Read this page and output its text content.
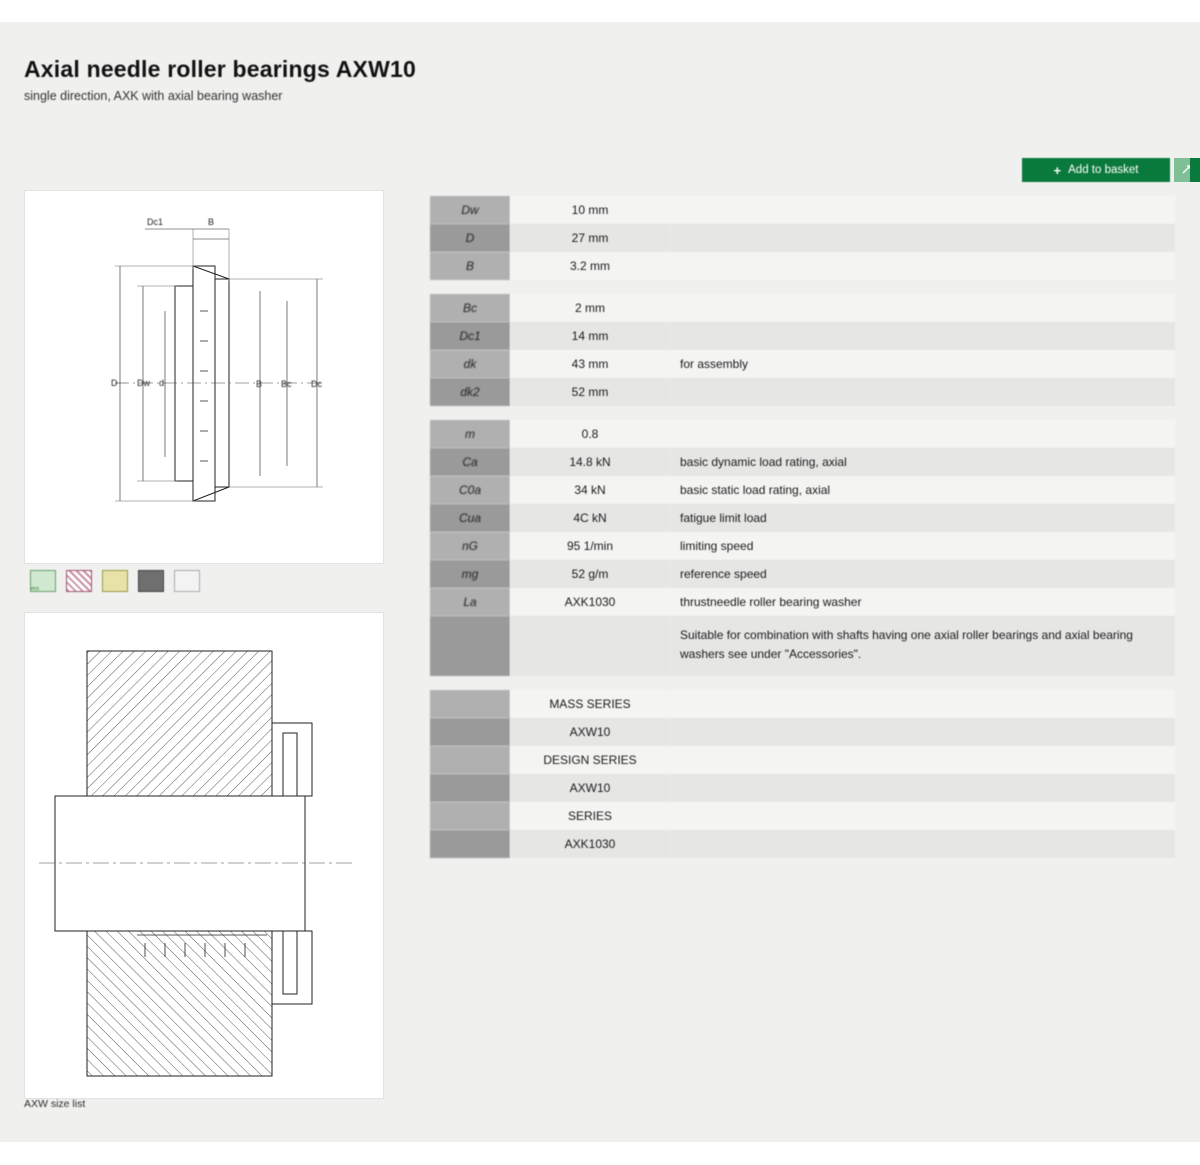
Axial needle roller bearings AXW10

single direction, AXK with axial bearing washer

+ Add to basket
D Dw d	B Bc Dc
B
Dc1
eco
AXW size list
Dw	10 mm
D	27 mm
B	3.2 mm
Bc	2 mm
Dc1	14 mm
dk	43 mm	for assembly
dk2	52 mm
m	0.8
Ca	14.8 kN	basic dynamic load rating, axial
C0a	34 kN	basic static load rating, axial
Cua	4C kN	fatigue limit load
nG	95 1/min	limiting speed
mg	52 g/m	reference speed
La	AXK1030	thrustneedle roller bearing washer
Suitable for combination with shafts having one axial roller bearings and axial bearing washers see under "Accessories".
MASS SERIES
AXW10
DESIGN SERIES
AXW10
SERIES
AXK1030
